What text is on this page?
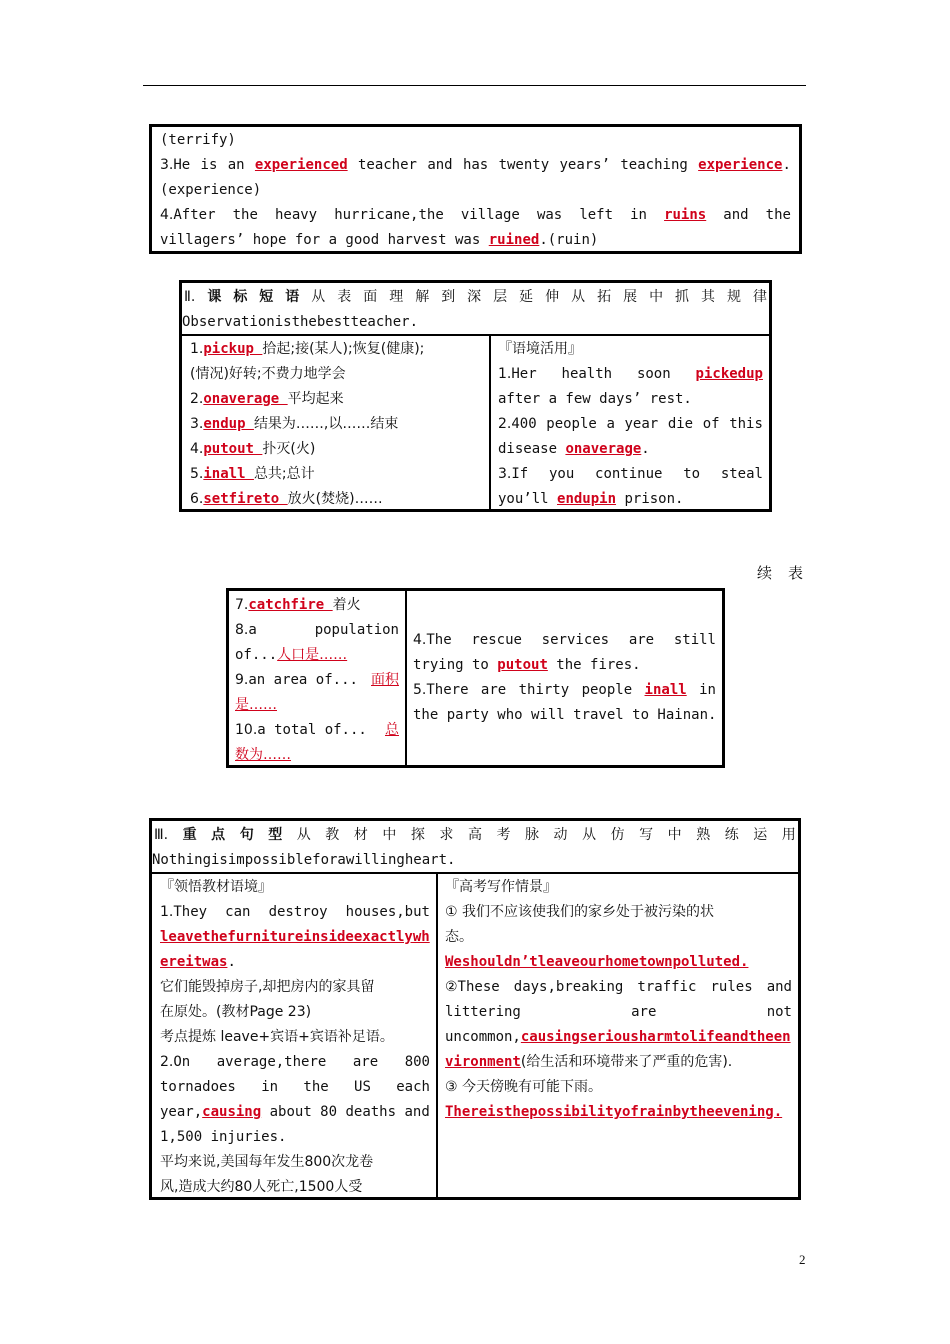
(terrify)
3.He is an experienced teacher and has twenty years’ teaching experience.
(experience)
4.After the heavy hurricane,the village was left in ruins and the
villagers’ hope for a good harvest was ruined.(ruin)
Ⅱ. 课 标 短 语 从 表 面 理 解 到 深 层 延 伸 从 拓 展 中 抓 其 规 律
Observationisthebestteacher.
1.pickup 拾起;接(某人);恢复(健康);
(情况)好转;不费力地学会
2.onaverage 平均起来
3.endup 结果为……,以……结束
4.putout 扑灭(火)
5.inall 总共;总计
6.setfireto 放火(焚烧)……
『语境活用』
1.Her health soon pickedup
after a few days’ rest.
2.400 people a year die of this
disease onaverage.
3.If you continue to steal
you’ll endupin prison.
续表
7.catchfire 着火
8.a	population
of...人口是……
9.an area of... 面积
是……
10.a total of... 总
数为……
4.The rescue services are still
trying to putout the fires.
5.There are thirty people inall in
the party who will travel to Hainan.
Ⅲ. 重 点 句 型 从 教 材 中 探 求 高 考 脉 动 从 仿 写 中 熟 练 运 用
Nothingisimpossibleforawillingheart.
『领悟教材语境』
1.They can destroy houses,but
leavethefurnitureinsideexactlywh
ereitwas.
它们能毁掉房子,却把房内的家具留
在原处。(教材Page 23)
考点提炼 leave+宾语+宾语补足语。
2.On average,there are 800
tornadoes in the US each
year,causing about 80 deaths and
1,500 injuries.
平均来说,美国每年发生800次龙卷
风,造成大约80人死亡,1500人受
『高考写作情景』
① 我们不应该使我们的家乡处于被污染的状
态。
Weshouldn’tleaveourhometownpolluted.
②These days,breaking traffic rules and
littering	are	not
uncommon,causingseriousharmtolifeandtheen
vironment(给生活和环境带来了严重的危害).
③ 今天傍晚有可能下雨。
Thereisthepossibilityofrainbytheevening.
2
